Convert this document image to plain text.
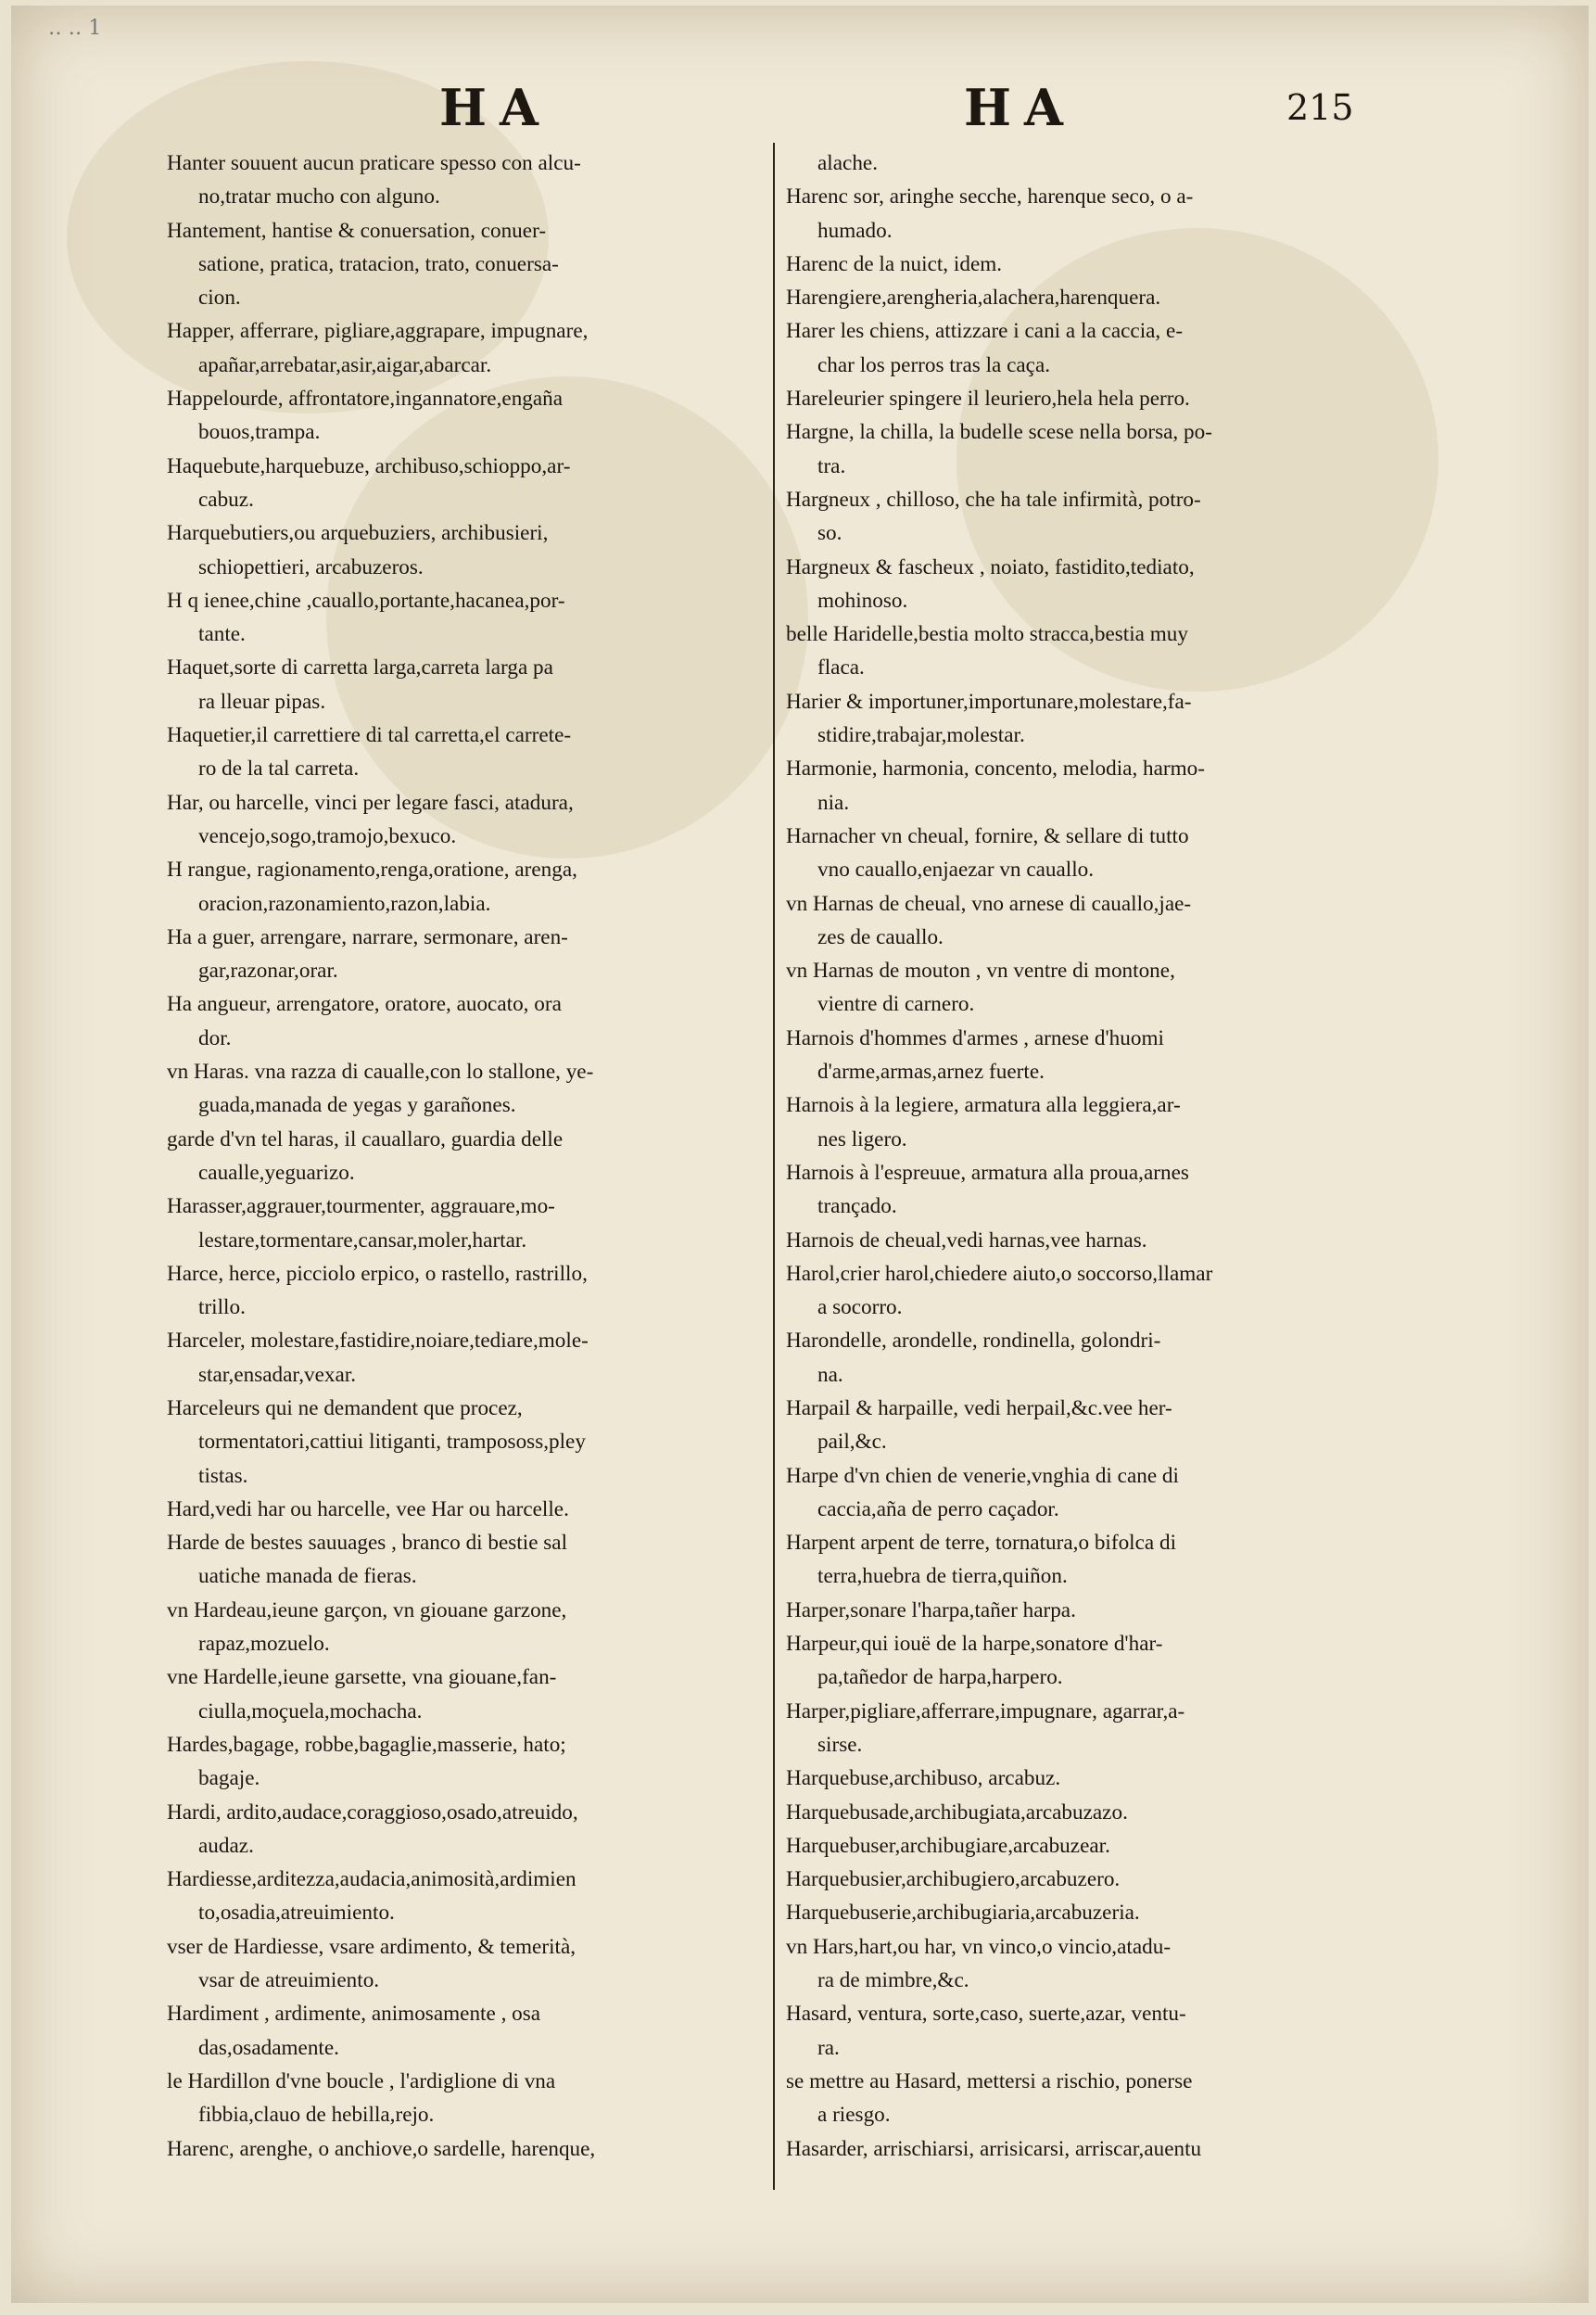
‥ ‥ 1
HA	HA	215
Hanter souuent aucun praticare spesso con alcu-
no,tratar mucho con alguno.
Hantement, hantise & conuersation, conuer-
satione, pratica, tratacion, trato, conuersa-
cion.
Happer, afferrare, pigliare,aggrapare, impugnare,
apañar,arrebatar,asir,aigar,abarcar.
Happelourde, affrontatore,ingannatore,engaña
bouos,trampa.
Haquebute,harquebuze, archibuso,schioppo,ar-
cabuz.
Harquebutiers,ou arquebuziers, archibusieri,
schiopettieri, arcabuzeros.
H q ienee,chine ,cauallo,portante,hacanea,por-
tante.
Haquet,sorte di carretta larga,carreta larga pa
ra lleuar pipas.
Haquetier,il carrettiere di tal carretta,el carrete-
ro de la tal carreta.
Har, ou harcelle, vinci per legare fasci, atadura,
vencejo,sogo,tramojo,bexuco.
H rangue, ragionamento,renga,oratione, arenga,
oracion,razonamiento,razon,labia.
Ha a guer, arrengare, narrare, sermonare, aren-
gar,razonar,orar.
Ha angueur, arrengatore, oratore, auocato, ora
dor.
vn Haras. vna razza di caualle,con lo stallone, ye-
guada,manada de yegas y garañones.
garde d'vn tel haras, il cauallaro, guardia delle
caualle,yeguarizo.
Harasser,aggrauer,tourmenter, aggrauare,mo-
lestare,tormentare,cansar,moler,hartar.
Harce, herce, picciolo erpico, o rastello, rastrillo,
trillo.
Harceler, molestare,fastidire,noiare,tediare,mole-
star,ensadar,vexar.
Harceleurs qui ne demandent que procez,
tormentatori,cattiui litiganti, trampososs,pley
tistas.
Hard,vedi har ou harcelle, vee Har ou harcelle.
Harde de bestes sauuages , branco di bestie sal
uatiche manada de fieras.
vn Hardeau,ieune garçon, vn giouane garzone,
rapaz,mozuelo.
vne Hardelle,ieune garsette, vna giouane,fan-
ciulla,moçuela,mochacha.
Hardes,bagage, robbe,bagaglie,masserie, hato;
bagaje.
Hardi, ardito,audace,coraggioso,osado,atreuido,
audaz.
Hardiesse,arditezza,audacia,animosità,ardimien
to,osadia,atreuimiento.
vser de Hardiesse, vsare ardimento, & temerità,
vsar de atreuimiento.
Hardiment , ardimente, animosamente , osa
das,osadamente.
le Hardillon d'vne boucle , l'ardiglione di vna
fibbia,clauo de hebilla,rejo.
Harenc, arenghe, o anchiove,o sardelle, harenque,
alache.
Harenc sor, aringhe secche, harenque seco, o a-
humado.
Harenc de la nuict, idem.
Harengiere,arengheria,alachera,harenquera.
Harer les chiens, attizzare i cani a la caccia, e-
char los perros tras la caça.
Hareleurier spingere il leuriero,hela hela perro.
Hargne, la chilla, la budelle scese nella borsa, po-
tra.
Hargneux , chilloso, che ha tale infirmità, potro-
so.
Hargneux & fascheux , noiato, fastidito,tediato,
mohinoso.
belle Haridelle,bestia molto stracca,bestia muy
flaca.
Harier & importuner,importunare,molestare,fa-
stidire,trabajar,molestar.
Harmonie, harmonia, concento, melodia, harmo-
nia.
Harnacher vn cheual, fornire, & sellare di tutto
vno cauallo,enjaezar vn cauallo.
vn Harnas de cheual, vno arnese di cauallo,jae-
zes de cauallo.
vn Harnas de mouton , vn ventre di montone,
vientre di carnero.
Harnois d'hommes d'armes , arnese d'huomi
d'arme,armas,arnez fuerte.
Harnois à la legiere, armatura alla leggiera,ar-
nes ligero.
Harnois à l'espreuue, armatura alla proua,arnes
trançado.
Harnois de cheual,vedi harnas,vee harnas.
Harol,crier harol,chiedere aiuto,o soccorso,llamar
a socorro.
Harondelle, arondelle, rondinella, golondri-
na.
Harpail & harpaille, vedi herpail,&c.vee her-
pail,&c.
Harpe d'vn chien de venerie,vnghia di cane di
caccia,aña de perro caçador.
Harpent arpent de terre, tornatura,o bifolca di
terra,huebra de tierra,quiñon.
Harper,sonare l'harpa,tañer harpa.
Harpeur,qui iouë de la harpe,sonatore d'har-
pa,tañedor de harpa,harpero.
Harper,pigliare,afferrare,impugnare, agarrar,a-
sirse.
Harquebuse,archibuso, arcabuz.
Harquebusade,archibugiata,arcabuzazo.
Harquebuser,archibugiare,arcabuzear.
Harquebusier,archibugiero,arcabuzero.
Harquebuserie,archibugiaria,arcabuzeria.
vn Hars,hart,ou har, vn vinco,o vincio,atadu-
ra de mimbre,&c.
Hasard, ventura, sorte,caso, suerte,azar, ventu-
ra.
se mettre au Hasard, mettersi a rischio, ponerse
a riesgo.
Hasarder, arrischiarsi, arrisicarsi, arriscar,auentu
